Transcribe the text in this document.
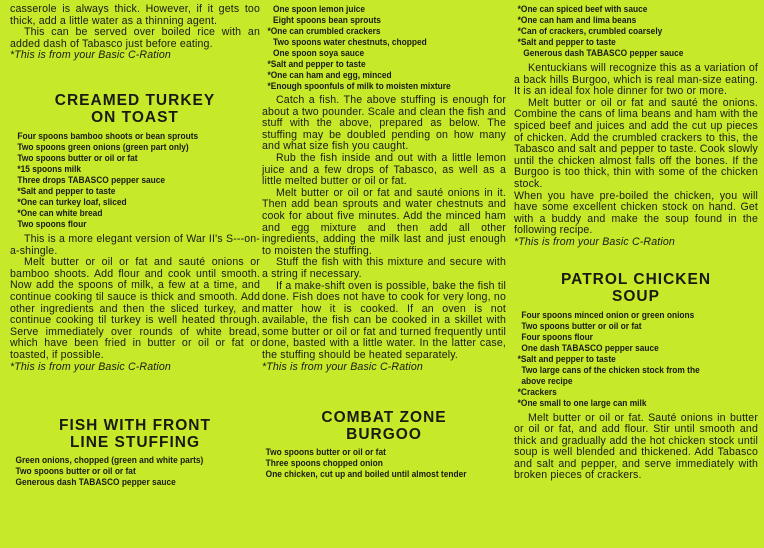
casserole is always thick. However, if it gets too thick, add a little water as a thinning agent.

This can be served over boiled rice with an added dash of Tabasco just before eating.

*This is from your Basic C-Ration

CREAMED TURKEY

ON TOAST

Four spoons bamboo shoots or bean sprouts

Two spoons green onions (green part only)

Two spoons butter or oil or fat

*15 spoons milk

Three drops TABASCO pepper sauce

*Salt and pepper to taste

*One can turkey loaf, sliced

*One can white bread

Two spoons flour

This is a more elegant version of War II's S---on-a-shingle.

Melt butter or oil or fat and sauté onions or bamboo shoots. Add flour and cook until smooth. Now add the spoons of milk, a few at a time, and continue cooking til sauce is thick and smooth. Add other ingredients and then the sliced turkey, and continue cooking til turkey is well heated through. Serve immediately over rounds of white bread, which have been fried in butter or oil or fat or toasted, if possible.

*This is from your Basic C-Ration

FISH WITH FRONT

LINE STUFFING

Green onions, chopped (green and white parts)

Two spoons butter or oil or fat

Generous dash TABASCO pepper sauce

One spoon lemon juice

Eight spoons bean sprouts

*One can crumbled crackers

Two spoons water chestnuts, chopped

One spoon soya sauce

*Salt and pepper to taste

*One can ham and egg, minced

*Enough spoonfuls of milk to moisten mixture

Catch a fish. The above stuffing is enough for about a two pounder. Scale and clean the fish and stuff with the above, prepared as below. The stuffing may be doubled pending on how many and what size fish you caught.

Rub the fish inside and out with a little lemon juice and a few drops of Tabasco, as well as a little melted butter or oil or fat.

Melt butter or oil or fat and sauté onions in it. Then add bean sprouts and water chestnuts and cook for about five minutes. Add the minced ham and egg mixture and then add all other ingredients, adding the milk last and just enough to moisten the stuffing.

Stuff the fish with this mixture and secure with a string if necessary.

If a make-shift oven is possible, bake the fish til done. Fish does not have to cook for very long, no matter how it is cooked. If an oven is not available, the fish can be cooked in a skillet with some butter or oil or fat and turned frequently until done, basted with a little water. In the latter case, the stuffing should be heated separately.

*This is from your Basic C-Ration

COMBAT ZONE

BURGOO

Two spoons butter or oil or fat

Three spoons chopped onion

One chicken, cut up and boiled until almost tender

*One can spiced beef with sauce

*One can ham and lima beans

*Can of crackers, crumbled coarsely

*Salt and pepper to taste

Generous dash TABASCO pepper sauce

Kentuckians will recognize this as a variation of a back hills Burgoo, which is real man-size eating. It is an ideal fox hole dinner for two or more.

Melt butter or oil or fat and sauté the onions. Combine the cans of lima beans and ham with the spiced beef and juices and add the cut up pieces of chicken. Add the crumbled crackers to this, the Tabasco and salt and pepper to taste. Cook slowly until the chicken almost falls off the bones. If the Burgoo is too thick, thin with some of the chicken stock.

When you have pre-boiled the chicken, you will have some excellent chicken stock on hand. Get with a buddy and make the soup found in the following recipe.

*This is from your Basic C-Ration

PATROL CHICKEN

SOUP

Four spoons minced onion or green onions

Two spoons butter or oil or fat

Four spoons flour

One dash TABASCO pepper sauce

*Salt and pepper to taste

Two large cans of the chicken stock from the

above recipe

*Crackers

*One small to one large can milk

Melt butter or oil or fat. Sauté onions in butter or oil or fat, and add flour. Stir until smooth and thick and gradually add the hot chicken stock until soup is well blended and thickened. Add Tabasco and salt and pepper, and serve immediately with broken pieces of crackers.
